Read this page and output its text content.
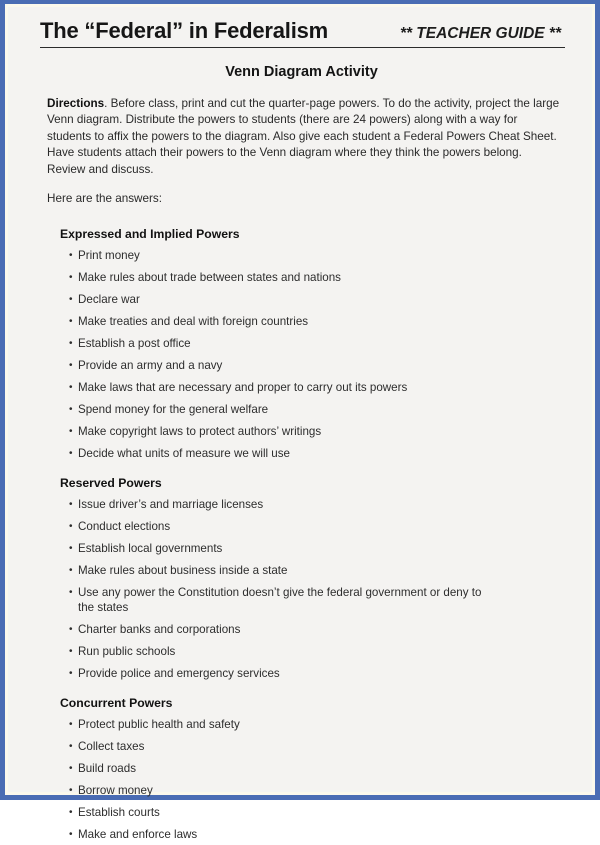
The “Federal” in Federalism	** TEACHER GUIDE **
Venn Diagram Activity

Directions. Before class, print and cut the quarter-page powers. To do the activity, project the large Venn diagram. Distribute the powers to students (there are 24 powers) along with a way for students to affix the powers to the diagram. Also give each student a Federal Powers Cheat Sheet. Have students attach their powers to the Venn diagram where they think the powers belong. Review and discuss.

Here are the answers:

Expressed and Implied Powers
• Print money
• Make rules about trade between states and nations
• Declare war
• Make treaties and deal with foreign countries
• Establish a post office
• Provide an army and a navy
• Make laws that are necessary and proper to carry out its powers
• Spend money for the general welfare
• Make copyright laws to protect authors’ writings
• Decide what units of measure we will use
Reserved Powers
• Issue driver’s and marriage licenses
• Conduct elections
• Establish local governments
• Make rules about business inside a state
• Use any power the Constitution doesn’t give the federal government or deny to the states
• Charter banks and corporations
• Run public schools
• Provide police and emergency services
Concurrent Powers
• Protect public health and safety
• Collect taxes
• Build roads
• Borrow money
• Establish courts
• Make and enforce laws
